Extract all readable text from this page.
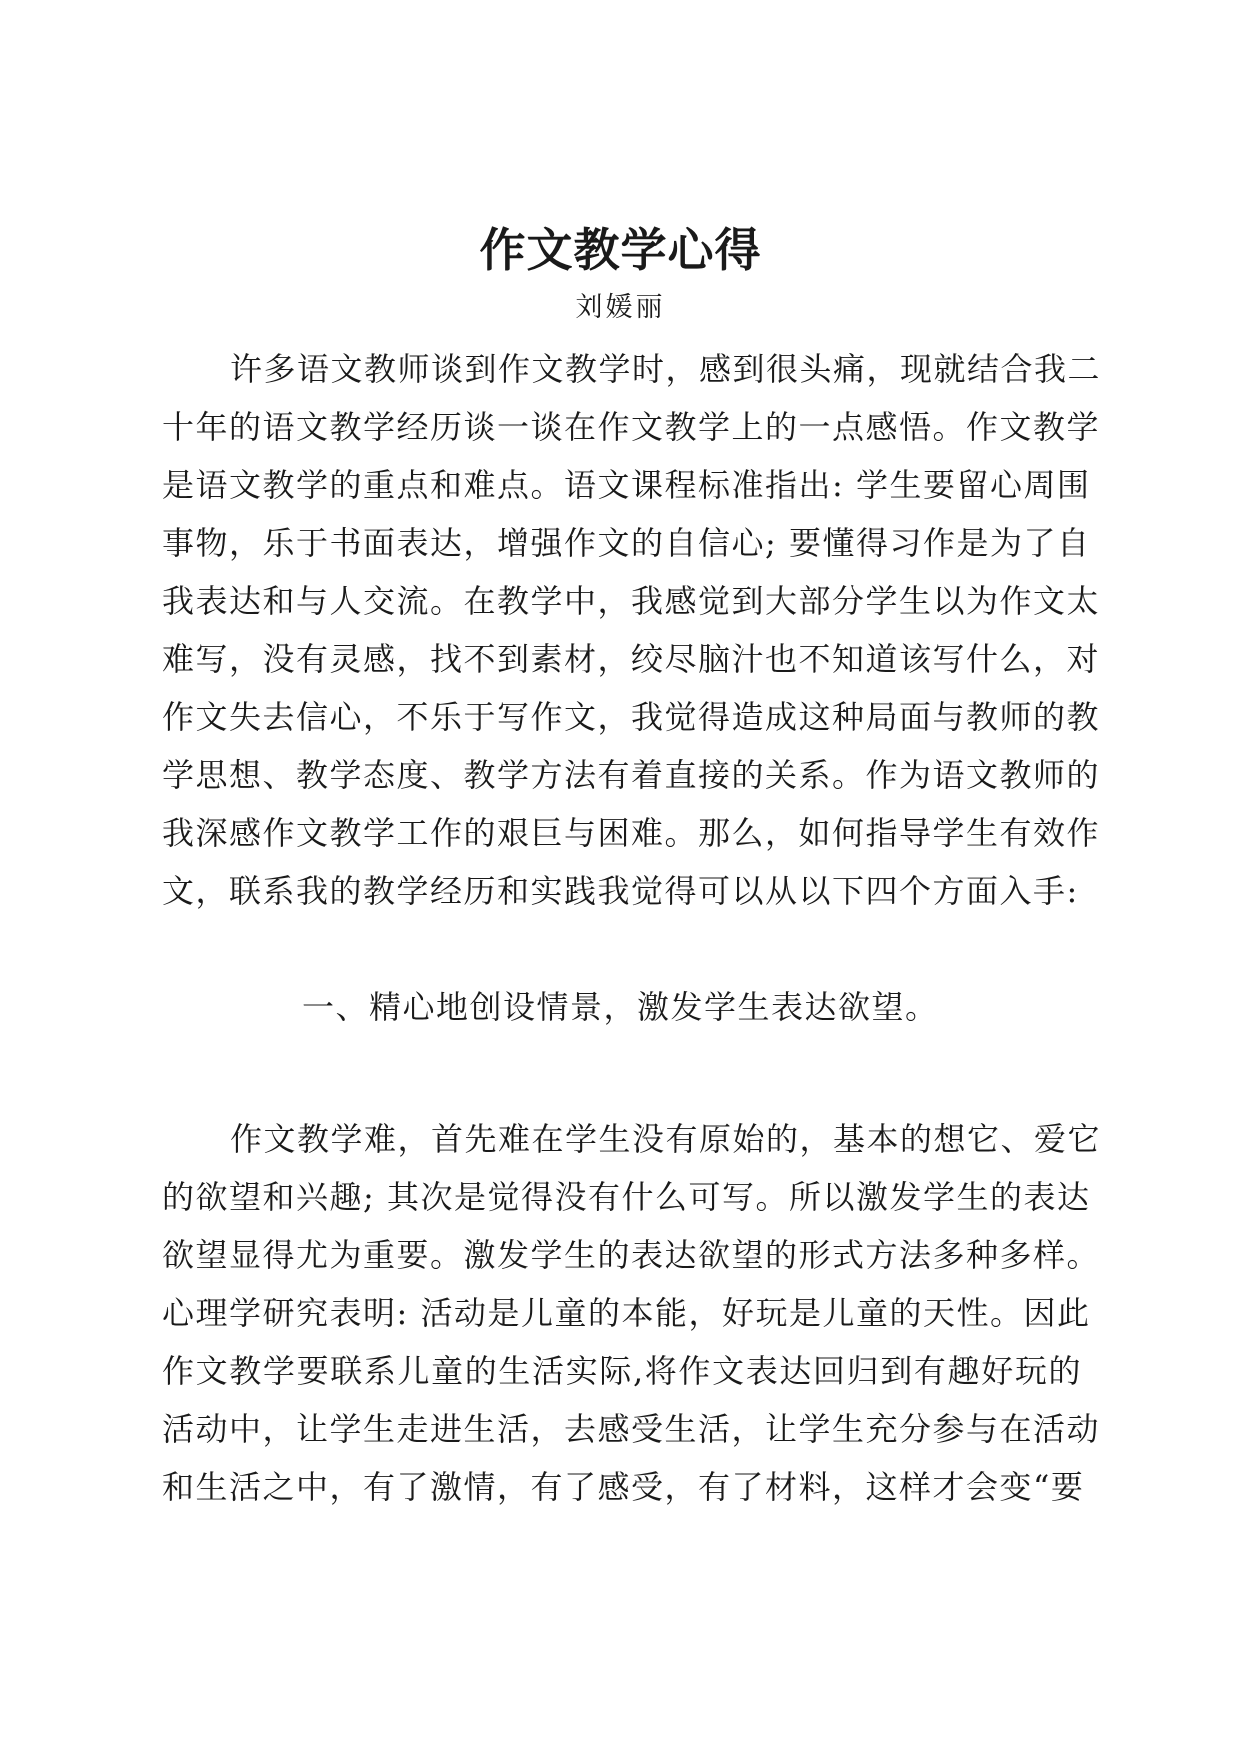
作文教学心得
刘媛丽
许多语文教师谈到作文教学时，感到很头痛，现就结合我二
十年的语文教学经历谈一谈在作文教学上的一点感悟。作文教学
是语文教学的重点和难点。语文课程标准指出: 学生要留心周围
事物，乐于书面表达，增强作文的自信心; 要懂得习作是为了自
我表达和与人交流。在教学中，我感觉到大部分学生以为作文太
难写，没有灵感，找不到素材，绞尽脑汁也不知道该写什么，对
作文失去信心，不乐于写作文，我觉得造成这种局面与教师的教
学思想、教学态度、教学方法有着直接的关系。作为语文教师的
我深感作文教学工作的艰巨与困难。那么，如何指导学生有效作
文，联系我的教学经历和实践我觉得可以从以下四个方面入手:
一、精心地创设情景，激发学生表达欲望。
作文教学难，首先难在学生没有原始的，基本的想它、爱它
的欲望和兴趣; 其次是觉得没有什么可写。所以激发学生的表达
欲望显得尤为重要。激发学生的表达欲望的形式方法多种多样。
心理学研究表明: 活动是儿童的本能，好玩是儿童的天性。因此
作文教学要联系儿童的生活实际,将作文表达回归到有趣好玩的
活动中，让学生走进生活，去感受生活，让学生充分参与在活动
和生活之中，有了激情，有了感受，有了材料，这样才会变“要
